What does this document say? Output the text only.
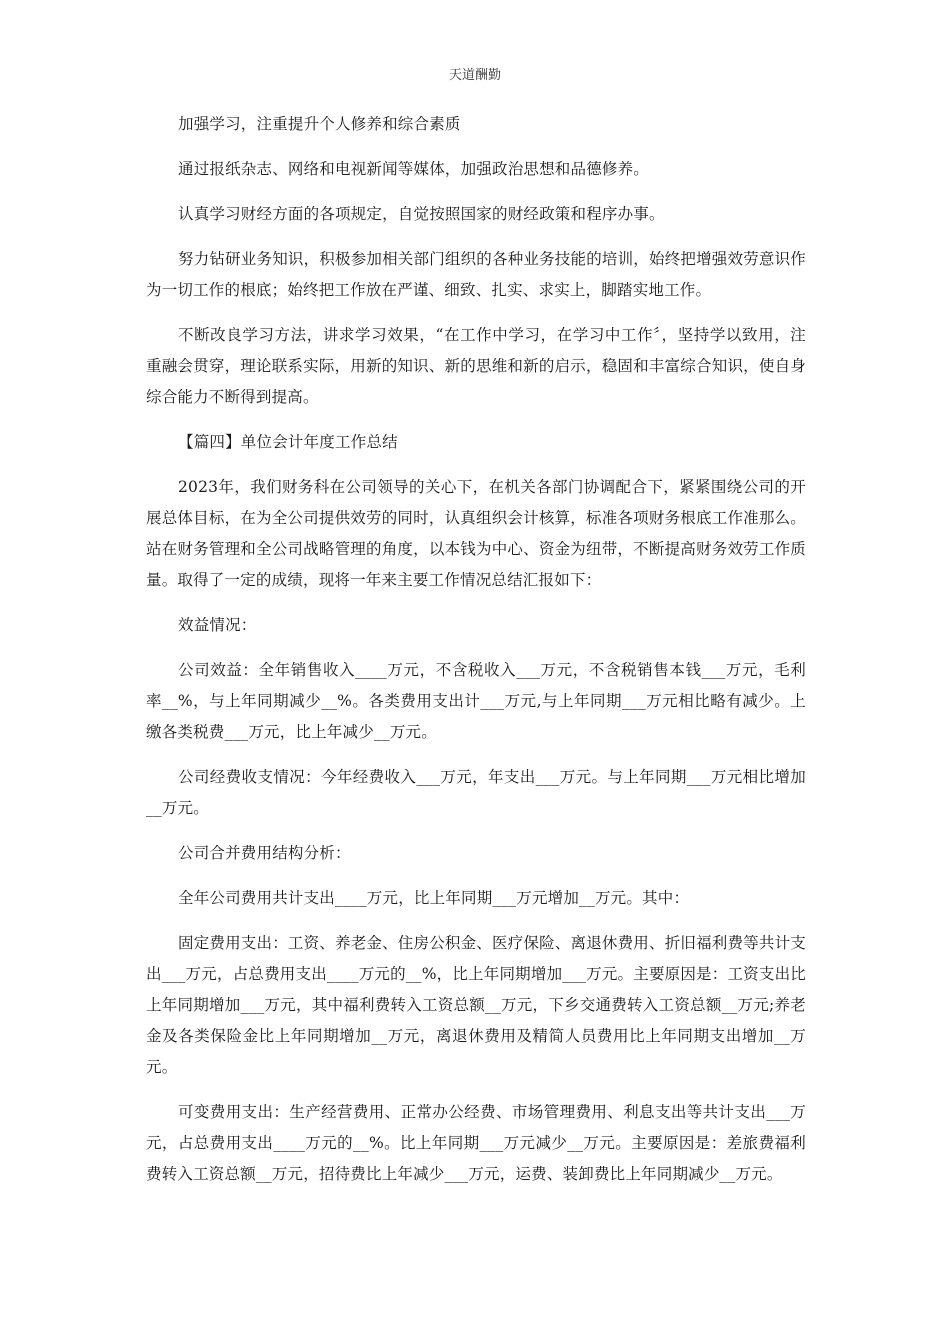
天道酬勤

加强学习，注重提升个人修养和综合素质

通过报纸杂志、网络和电视新闻等媒体，加强政治思想和品德修养。

认真学习财经方面的各项规定，自觉按照国家的财经政策和程序办事。

努力钻研业务知识，积极参加相关部门组织的各种业务技能的培训，始终把增强效劳意识作为一切工作的根底；始终把工作放在严谨、细致、扎实、求实上，脚踏实地工作。

不断改良学习方法，讲求学习效果，“在工作中学习，在学习中工作〞，坚持学以致用，注重融会贯穿，理论联系实际，用新的知识、新的思维和新的启示，稳固和丰富综合知识，使自身综合能力不断得到提高。

【篇四】单位会计年度工作总结

2023年，我们财务科在公司领导的关心下，在机关各部门协调配合下，紧紧围绕公司的开展总体目标，在为全公司提供效劳的同时，认真组织会计核算，标准各项财务根底工作准那么。站在财务管理和全公司战略管理的角度，以本钱为中心、资金为纽带，不断提高财务效劳工作质量。取得了一定的成绩，现将一年来主要工作情况总结汇报如下：

效益情况：

公司效益：全年销售收入____万元，不含税收入___万元，不含税销售本钱___万元，毛利率__%，与上年同期减少__%。各类费用支出计___万元,与上年同期___万元相比略有减少。上缴各类税费___万元，比上年减少__万元。

公司经费收支情况：今年经费收入___万元，年支出___万元。与上年同期___万元相比增加__万元。

公司合并费用结构分析：

全年公司费用共计支出____万元，比上年同期___万元增加__万元。其中：

固定费用支出：工资、养老金、住房公积金、医疗保险、离退休费用、折旧福利费等共计支出___万元，占总费用支出____万元的__%，比上年同期增加___万元。主要原因是：工资支出比上年同期增加___万元，其中福利费转入工资总额__万元，下乡交通费转入工资总额__万元;养老金及各类保险金比上年同期增加__万元，离退休费用及精简人员费用比上年同期支出增加__万元。

可变费用支出：生产经营费用、正常办公经费、市场管理费用、利息支出等共计支出___万元，占总费用支出____万元的__%。比上年同期___万元减少__万元。主要原因是：差旅费福利费转入工资总额__万元，招待费比上年减少___万元，运费、装卸费比上年同期减少__万元。
